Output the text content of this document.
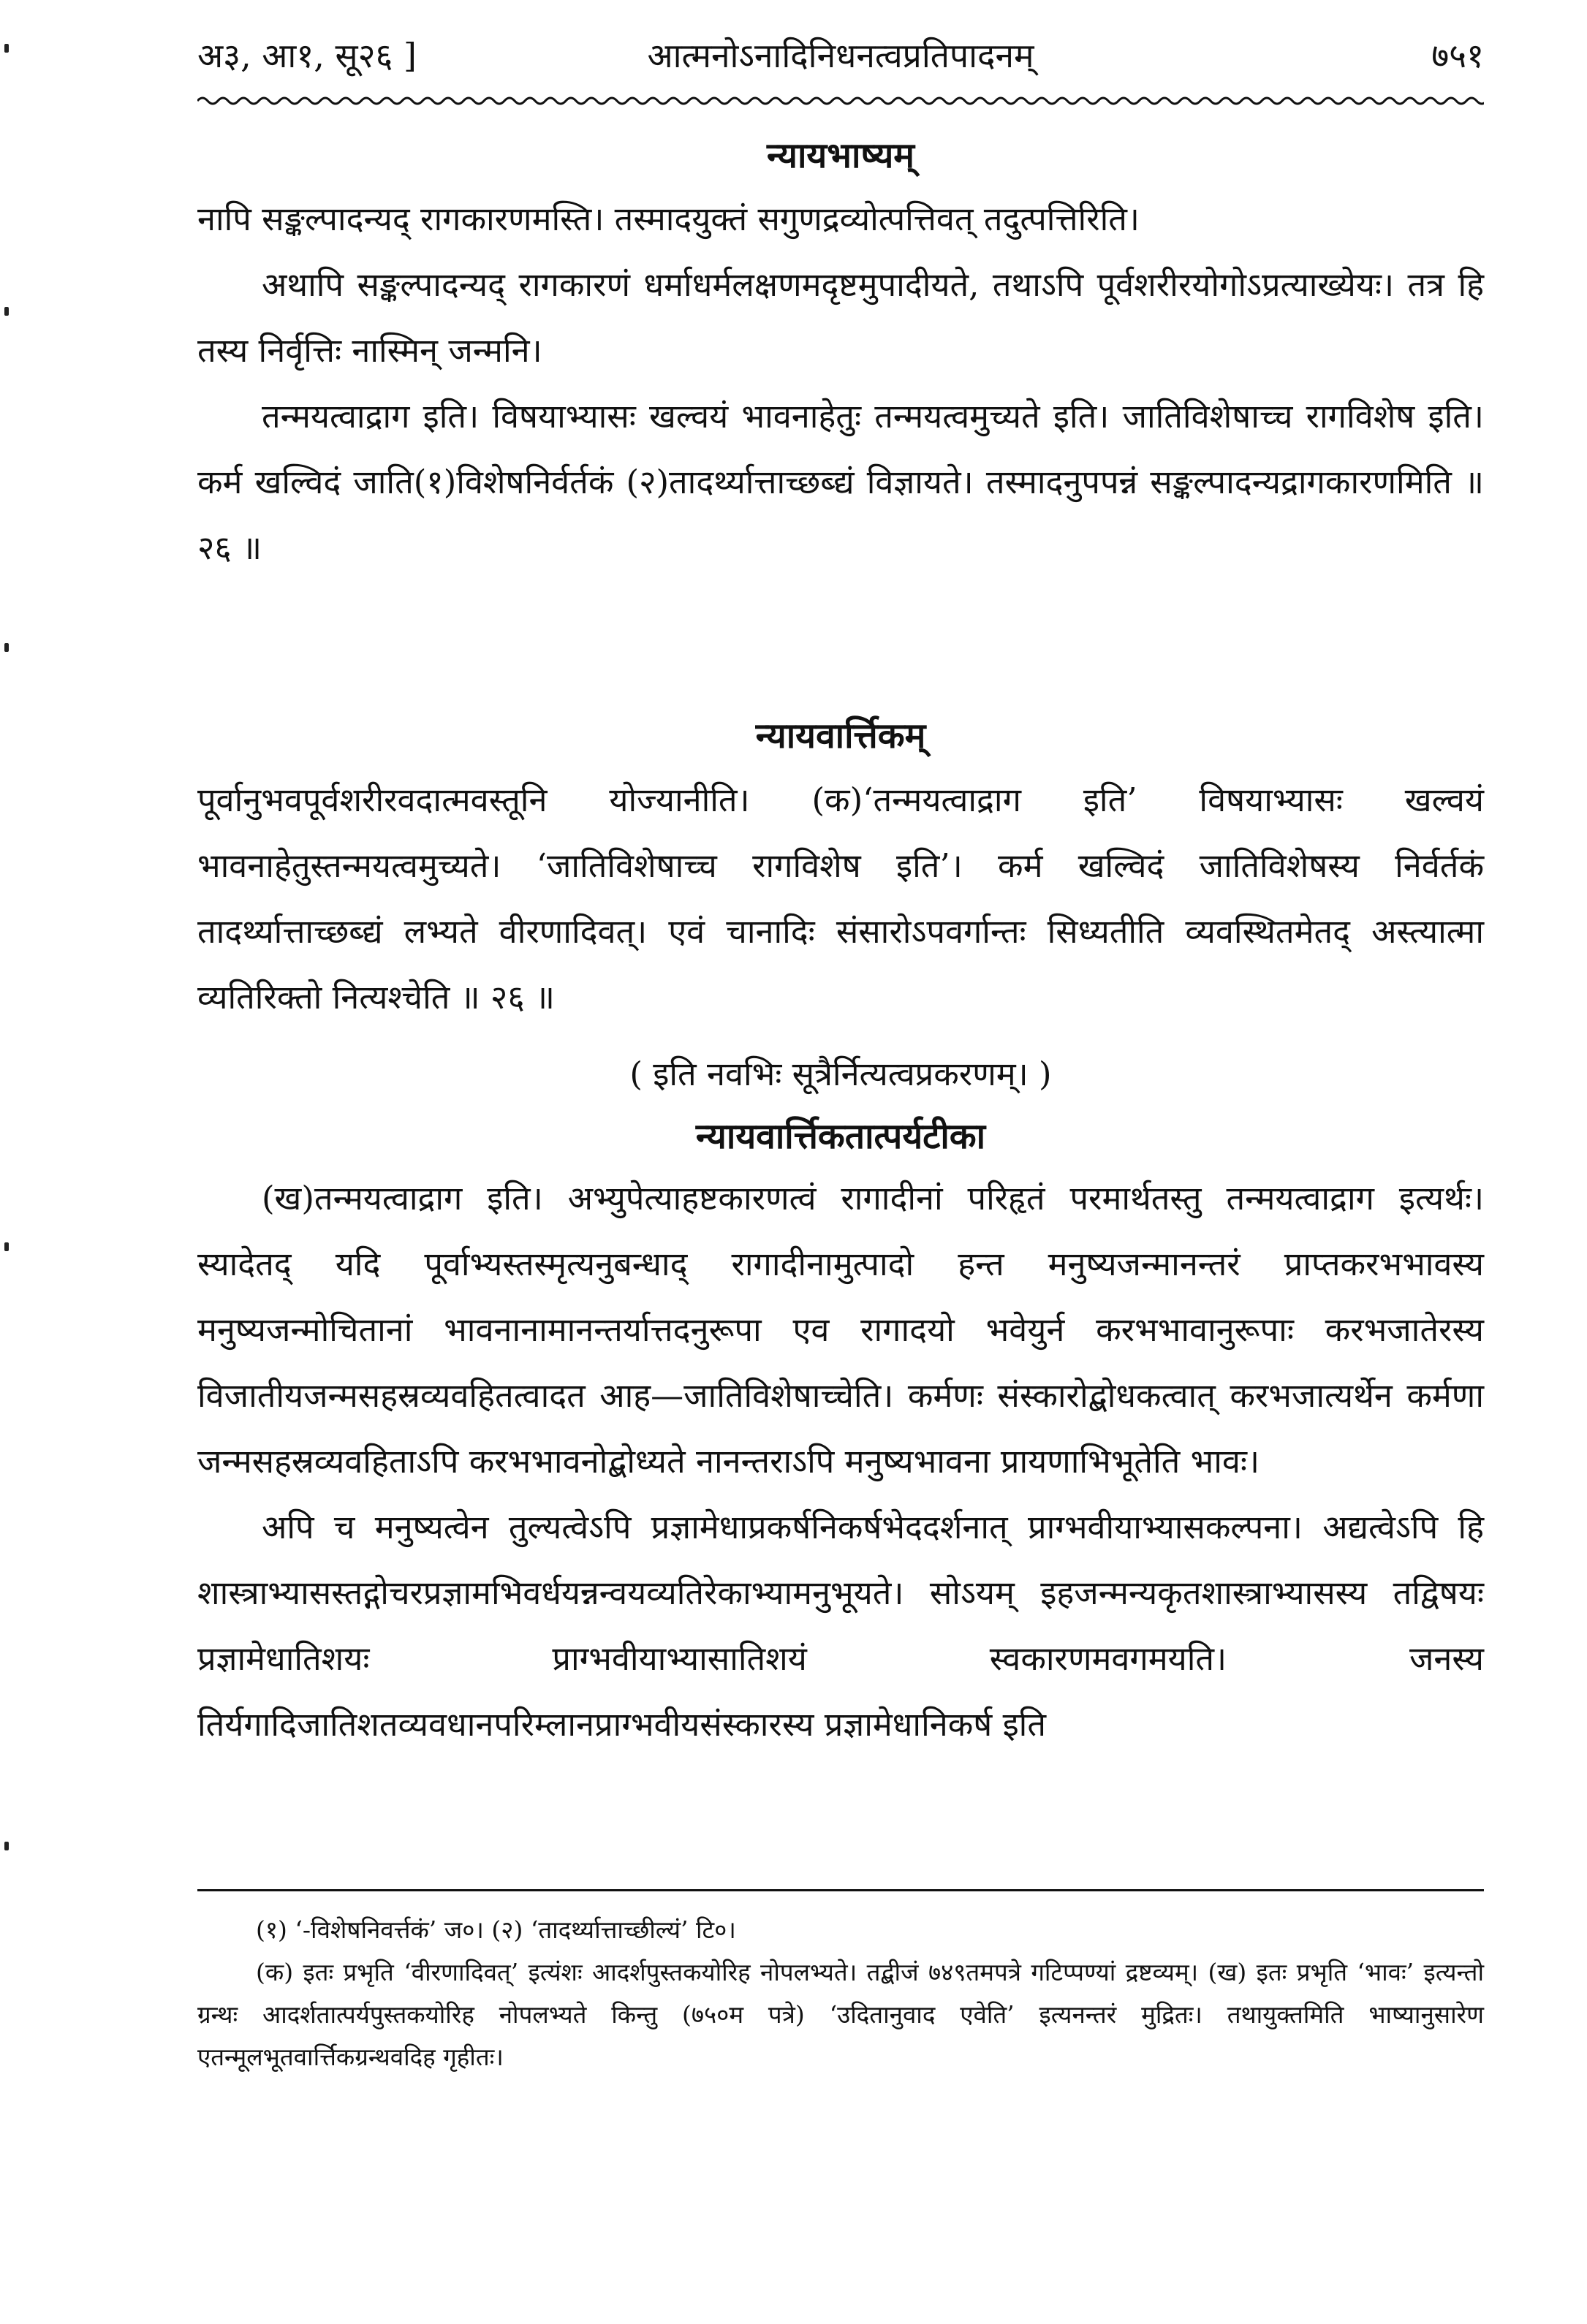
अ३, आ१, सू२६ ]	आत्मनोऽनादिनिधनत्वप्रतिपादनम्	७५१
न्यायभाष्यम्

नापि सङ्कल्पादन्यद् रागकारणमस्ति। तस्मादयुक्तं सगुणद्रव्योत्पत्तिवत् तदुत्पत्तिरिति।

अथापि सङ्कल्पादन्यद् रागकारणं धर्माधर्मलक्षणमदृष्टमुपादीयते, तथाऽपि पूर्वशरीरयोगोऽप्रत्याख्येयः। तत्र हि तस्य निर्वृत्तिः नास्मिन् जन्मनि।

तन्मयत्वाद्राग इति। विषयाभ्यासः खल्वयं भावनाहेतुः तन्मयत्वमुच्यते इति। जातिविशेषाच्च रागविशेष इति। कर्म खल्विदं जाति(१)विशेषनिर्वर्तकं (२)तादर्थ्यात्ताच्छब्द्यं विज्ञायते। तस्मादनुपपन्नं सङ्कल्पादन्यद्रागकारणमिति ॥ २६ ॥

न्यायवार्त्तिकम्

पूर्वानुभवपूर्वशरीरवदात्मवस्तूनि योज्यानीति। (क)‘तन्मयत्वाद्राग इति’ विषयाभ्यासः खल्वयं भावनाहेतुस्तन्मयत्वमुच्यते। ‘जातिविशेषाच्च रागविशेष इति’। कर्म खल्विदं जातिविशेषस्य निर्वर्तकं तादर्थ्यात्ताच्छब्द्यं लभ्यते वीरणादिवत्। एवं चानादिः संसारोऽपवर्गान्तः सिध्यतीति व्यवस्थितमेतद् अस्त्यात्मा व्यतिरिक्तो नित्यश्चेति ॥ २६ ॥

( इति नवभिः सूत्रैर्नित्यत्वप्रकरणम्। )
न्यायवार्त्तिकतात्पर्यटीका

(ख)तन्मयत्वाद्राग इति। अभ्युपेत्याहष्टकारणत्वं रागादीनां परिहृतं परमार्थतस्तु तन्मयत्वाद्राग इत्यर्थः। स्यादेतद् यदि पूर्वाभ्यस्तस्मृत्यनुबन्धाद् रागादीनामुत्पादो हन्त मनुष्यजन्मानन्तरं प्राप्तकरभभावस्य मनुष्यजन्मोचितानां भावनानामानन्तर्यात्तदनुरूपा एव रागादयो भवेयुर्न करभभावानुरूपाः करभजातेरस्य विजातीयजन्मसहस्रव्यवहितत्वादत आह—जातिविशेषाच्चेति। कर्मणः संस्कारोद्बोधकत्वात् करभजात्यर्थेन कर्मणा जन्मसहस्रव्यवहिताऽपि करभभावनोद्बोध्यते नानन्तराऽपि मनुष्यभावना प्रायणाभिभूतेति भावः।

अपि च मनुष्यत्वेन तुल्यत्वेऽपि प्रज्ञामेधाप्रकर्षनिकर्षभेददर्शनात् प्राग्भवीयाभ्यासकल्पना। अद्यत्वेऽपि हि शास्त्राभ्यासस्तद्गोचरप्रज्ञामभिवर्धयन्नन्वयव्यतिरेकाभ्यामनुभूयते। सोऽयम् इहजन्मन्यकृतशास्त्राभ्यासस्य तद्विषयः प्रज्ञामेधातिशयः प्राग्भवीयाभ्यासातिशयं स्वकारणमवगमयति। जनस्य तिर्यगादिजातिशतव्यवधानपरिम्लानप्राग्भवीयसंस्कारस्य प्रज्ञामेधानिकर्ष इति

(१) ‘-विशेषनिवर्त्तकं’ ज०। (२) ‘तादर्थ्यात्ताच्छील्यं’ टि०।

(क) इतः प्रभृति ‘वीरणादिवत्’ इत्यंशः आदर्शपुस्तकयोरिह नोपलभ्यते। तद्बीजं ७४९तमपत्रे गटिप्पण्यां द्रष्टव्यम्। (ख) इतः प्रभृति ‘भावः’ इत्यन्तो ग्रन्थः आदर्शतात्पर्यपुस्तकयोरिह नोपलभ्यते किन्तु (७५०म पत्रे) ‘उदितानुवाद एवेति’ इत्यनन्तरं मुद्रितः। तथायुक्तमिति भाष्यानुसारेण एतन्मूलभूतवार्त्तिकग्रन्थवदिह गृहीतः।
